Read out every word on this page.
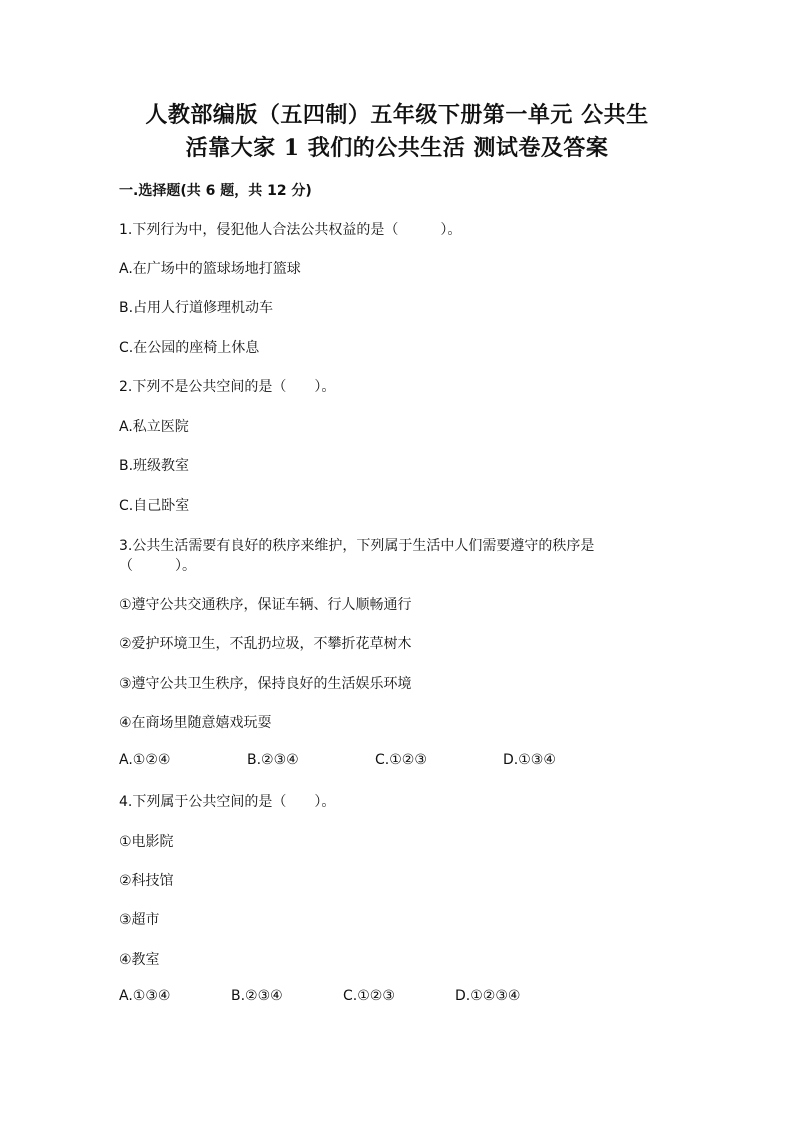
人教部编版（五四制）五年级下册第一单元 公共生
活靠大家 1 我们的公共生活 测试卷及答案
一.选择题(共 6 题，共 12 分)
1.下列行为中，侵犯他人合法公共权益的是（　　　）。
A.在广场中的篮球场地打篮球
B.占用人行道修理机动车
C.在公园的座椅上休息
2.下列不是公共空间的是（　　）。
A.私立医院
B.班级教室
C.自己卧室
3.公共生活需要有良好的秩序来维护，下列属于生活中人们需要遵守的秩序是
（　　　）。
①遵守公共交通秩序，保证车辆、行人顺畅通行
②爱护环境卫生，不乱扔垃圾，不攀折花草树木
③遵守公共卫生秩序，保持良好的生活娱乐环境
④在商场里随意嬉戏玩耍
A.①②④	B.②③④	C.①②③	D.①③④
4.下列属于公共空间的是（　　）。
①电影院
②科技馆
③超市
④教室
A.①③④	B.②③④	C.①②③	D.①②③④
